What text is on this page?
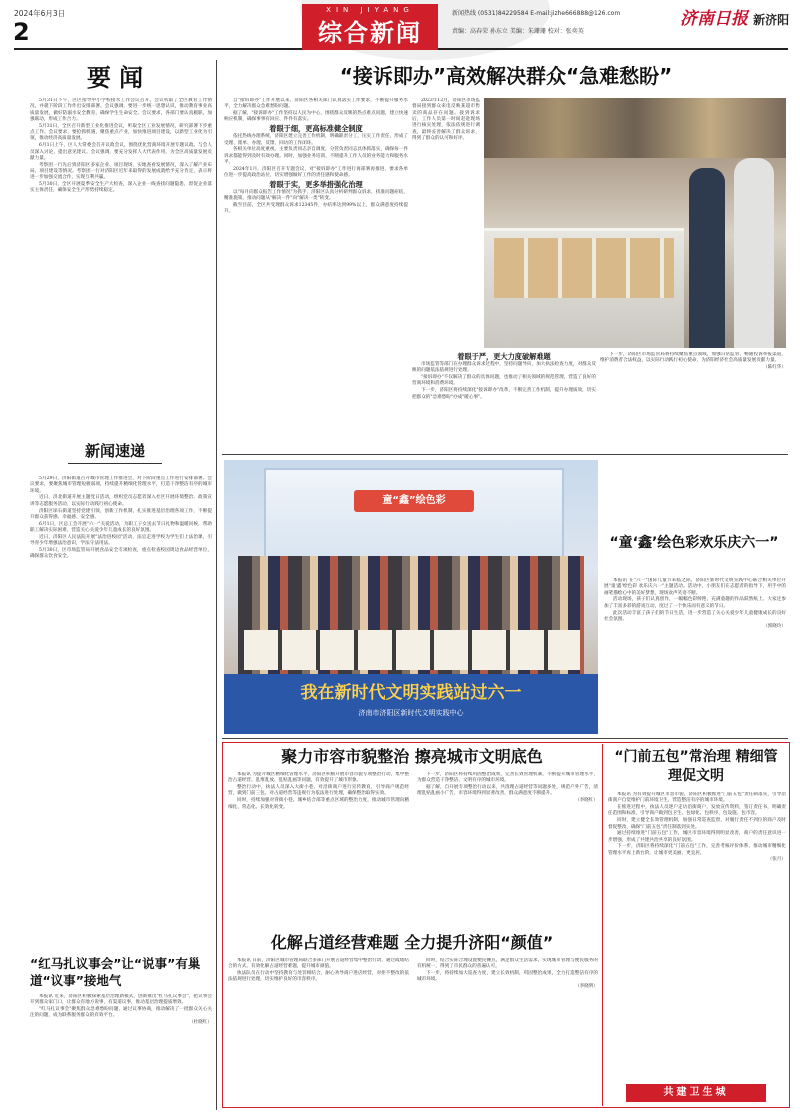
2024年6月3日
2
XIN JIYANG
综合新闻
新闻热线 (0531)84229584 E-mail:jizhe666888@126.com
责编：高春荣 孙东立 美编：朱珊珊 校对：张奕英
济南日报 新济阳
要 闻

5月31日下午，区区指导中小学校接水工作会议召开。会议听取了全区教育工作情况，并就下阶段工作作出安排部署。会议强调，要进一步统一思想认识，推动教育事业高质量发展，做好防溺水安全教育，确保学生生命安全。会议要求，各部门要认真履职，加强联动，形成工作合力。

5月31日，全区召开新型工业化推进会议，听取全区工业发展情况，研究部署下步重点工作。会议要求，要抢抓机遇，聚焦重点产业，加快推进项目建设，以新型工业化为引领，推动经济高质量发展。

6月1日上午，区人大常委会召开议政会议，围绕优化营商环境开展专题议政。与会人员深入讨论，提出意见建议。会议强调，要充分发挥人大代表作用，为全区高质量发展贡献力量。

考察团一行先后到济阳区多家企业、项目现场，实地查看发展情况，深入了解产业布局、项目建设等情况。考察团一行对济阳区近年来取得的发展成就给予充分肯定，表示将进一步加强交流合作，实现互利共赢。

5月30日，全区开展夏季安全生产大检查，深入企业一线查找问题隐患，督促企业落实主体责任，确保安全生产形势持续稳定。

新闻速递

5月29日，济阳街道召开城市管理工作推进会，对下阶段重点工作进行安排部署。会议要求，要聚焦城市管理短板弱项，持续提升精细化管理水平，打造干净整洁有序的城市环境。

近日，济北街道开展主题党日活动，组织党员志愿者深入社区开展环境整治、政策宣讲等志愿服务活动，以实际行动践行初心使命。

济阳区垛石街道坚持党建引领，创新工作机制，扎实推进基层治理各项工作，不断提升群众获得感、幸福感、安全感。

6月1日，区总工会开展"六一"关爱活动，为职工子女送去节日礼物和温暖问候，帮助职工解决实际困难，营造关心关爱少年儿童成长的良好氛围。

近日，济阳区人民法院开展"法治进校园"活动，法官走进学校为学生们上法治课，引导青少年增强法治意识，学法守法用法。

5月30日，区市场监管局开展食品安全专项检查，重点检查校园周边食品经营单位，确保群众饮食安全。

“红马扎议事会”让“说事”有巢道“议事”接地气

本报讯 近来，济阳区积极探索基层治理新模式，创新推出"红马扎议事会"，把议事会开到群众家门口，让群众有地方说事，有渠道议事，推动基层治理提质增效。

"红马扎议事会"聚焦群众急难愁盼问题，通过议事协商，推动解决了一批群众关心关注的问题，成为联系服务群众的有效平台。

（杜晓红）

“接诉即办”高效解决群众“急难愁盼”

自"接诉即办"工作开展以来，济阳区各相关部门认真落实工作要求，不断提升服务水平，全力解决群众急难愁盼问题。

据了解，"接诉即办"工作坚持以人民为中心，围绕群众反映的热点难点问题，建立快速响应机制，确保事事有回应、件件有落实。

着眼于细，更高标准健全制度

依托热线办理系统，济阳区建立完善工作机制，明确职责分工，压实工作责任，形成了受理、派单、办理、反馈、回访的工作闭环。

各相关单位高度重视，主要负责同志亲自调度，分管负责同志具体抓落实，确保每一件诉求都能得到及时有效办理。同时，加强业务培训，不断提升工作人员的业务能力和服务水平。

2024年1月，济阳区召开专题会议，对"接诉即办"工作进行再部署再推进，要求各单位进一步提高政治站位，切实增强做好工作的责任感和使命感。

着眼于实，更多举措强化治理

以"每月向群众报告工作情况"为抓手，济阳区认真分析研判群众诉求，找准问题症结，精准施策，推动问题从"解决一件"向"解决一类"转变。

截至目前，全区共受理群众诉求12345件，办结率达到99%以上，群众满意度持续提升。

2023年12月，济阳区市场监督局接到群众来电反映某超市售卖的商品存在问题。接到诉求后，工作人员第一时间赶赴现场进行核实处理，依法依规进行调查，最终妥善解决了群众诉求，得到了群众的认可和好评。

着眼于严，更大力度破解难题

市场监管等部门在办理群众诉求过程中，坚持问题导向，加大执法检查力度，对群众反映的问题依法依规进行处理。

"接诉即办"不仅解决了群众的具体问题，也推动了相关领域的规范管理，营造了良好的营商环境和消费环境。

下一步，济阳区将持续深化"接诉即办"改革，不断完善工作机制，提升办理质效，切实把群众的"急难愁盼"办成"暖心事"。

下一步，济阳区市场监管局将持续聚焦重点领域，加强日常监管，畅通投诉举报渠道，维护消费者合法权益，以实际行动践行初心使命，为济阳经济社会高质量发展贡献力量。

（陈红华）

童“鑫”绘色彩
我在新时代文明实践站过六一
济南市济阳区新时代文明实践中心
“童‘鑫’绘色彩欢乐庆六一”

本报讯 在"六一"国际儿童节来临之际，济阳区新时代文明实践中心联合相关单位开展"童'鑫'绘色彩 欢乐庆六一"主题活动。活动中，小朋友们在志愿者的指导下，用手中的画笔描绘心中的美好梦想，现场欢声笑语不断。

活动现场，孩子们认真创作，一幅幅色彩鲜艳、充满童趣的作品跃然纸上。大家还参加了丰富多彩的游戏互动，度过了一个快乐而有意义的节日。

此次活动丰富了孩子们的节日生活，进一步营造了关心关爱少年儿童健康成长的良好社会氛围。

（郭晓玲）

聚力市容市貌整治 擦亮城市文明底色

本报讯 为提升城区精细化管理水平，济阳区积极开展市容市貌专项整治行动，集中整治占道经营、乱堆乱放、乱贴乱画等问题，有效提升了城市形象。

整治行动中，执法人员深入大街小巷，对沿街商户进行宣传教育，引导商户规范经营，做到门前三包。对占道经营等违规行为依法进行处理，确保整治取得实效。

同时，持续加强对背街小巷、城乡结合部等重点区域的整治力度，推动城市管理向精细化、常态化、长效化转变。

下一步，济阳区将持续巩固整治成果，完善长效管理机制，不断提升城市管理水平，为群众营造干净整洁、文明有序的城市环境。

据了解，自开展专项整治行动以来，共清理占道经营等问题多处，规范户外广告，清理乱贴乱画小广告，市容环境得到显著改善，群众满意度不断提升。

（李晓红）

化解占道经营难题 全力提升济阳“颜值”

本报讯 日前，济阳区城市管理局联合多部门开展占道经营集中整治行动，通过疏堵结合的方式，有效化解占道经营难题，提升城市颜值。

执法队员在行动中坚持教育与处罚相结合，耐心劝导商户进店经营，对拒不整改的依法依规进行处理，切实维护良好的市容秩序。

同时，结合实际合理设置便民摊点，满足群众生活需求，实现城市管理与便民服务的有机统一，得到了市民群众的普遍认可。

下一步，将持续加大巡查力度，建立长效机制，巩固整治成果，全力打造整洁有序的城市环境。

（李晓明）

“门前五包”常治理 精细管理促文明

本报讯 为有效提升城区市容市貌，济阳区积极推进"门前五包"责任制落实，引导沿街商户自觉维护门前环境卫生，营造整洁有序的城市环境。

在推进过程中，执法人员逐户走访沿街商户，发放宣传资料，签订责任书，明确责任范围和标准，引导商户做到包卫生、包绿化、包秩序、包设施、包市容。

同时，建立健全长效管理机制，加强日常巡查监督，对履行责任不到位的商户及时督促整改，确保"门前五包"责任制落到实处。

通过持续推进"门前五包"工作，城区市容环境得到明显改善，商户的责任意识进一步增强，形成了共建共治共享的良好氛围。

下一步，济阳区将持续深化"门前五包"工作，完善考核评价体系，推动城市精细化管理水平再上新台阶，让城市更美丽、更宜居。

（张月）

共建卫生城
